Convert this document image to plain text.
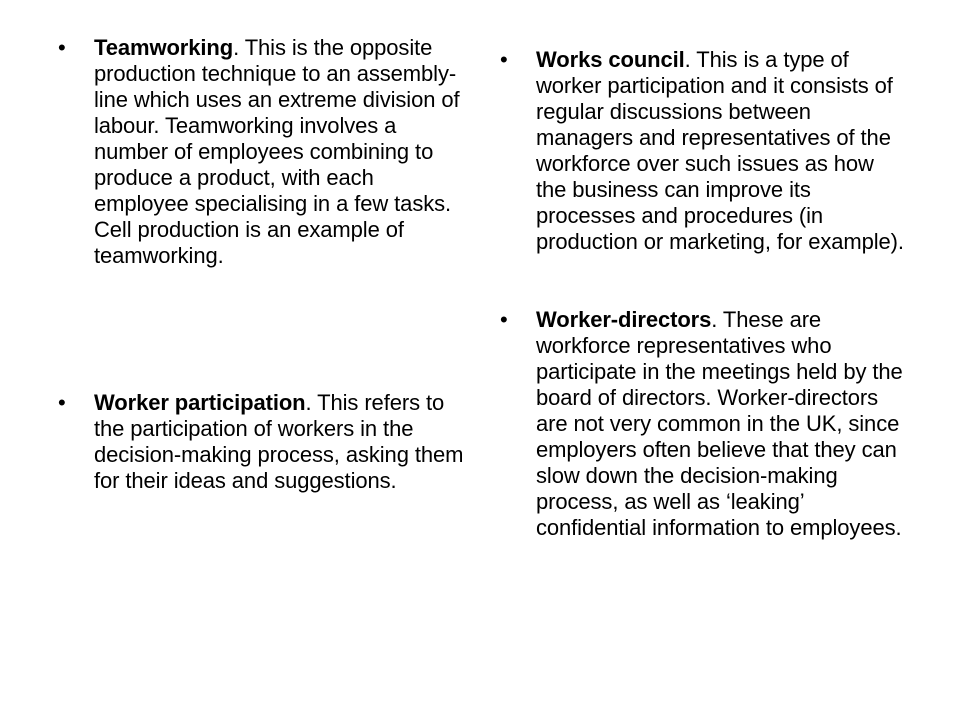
•	Teamworking. This is the opposite production technique to an assembly-line which uses an extreme division of labour. Teamworking involves a number of employees combining to produce a product, with each employee specialising in a few tasks. Cell production is an example of teamworking.
•	Worker participation. This refers to the participation of workers in the decision-making process, asking them for their ideas and suggestions.
•	Works council. This is a type of worker participation and it consists of regular discussions between managers and representatives of the workforce over such issues as how the business can improve its processes and procedures (in production or marketing, for example).
•	Worker-directors. These are workforce representatives who participate in the meetings held by the board of directors. Worker-directors are not very common in the UK, since employers often believe that they can slow down the decision-making process, as well as ‘leaking’ confidential information to employees.
